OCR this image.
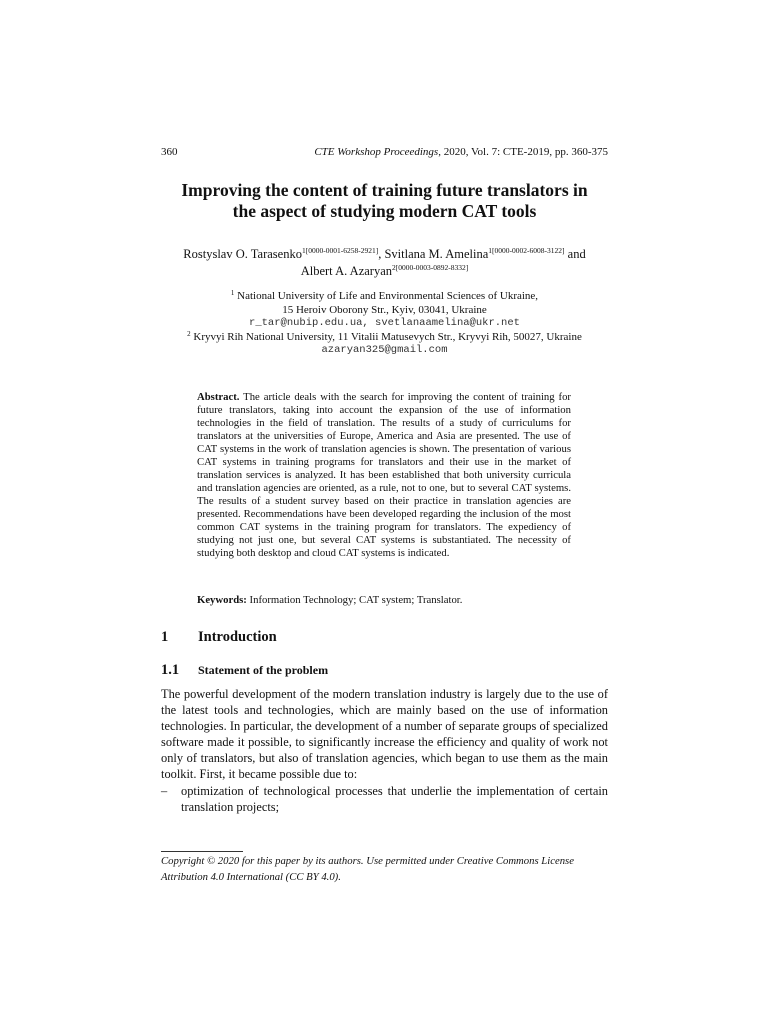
360	CTE Workshop Proceedings, 2020, Vol. 7: CTE-2019, pp. 360-375
Improving the content of training future translators in
the aspect of studying modern CAT tools
Rostyslav O. Tarasenko$^{1[0000-0001-6258-2921]}$, Svitlana M. Amelina$^{1[0000-0002-6008-3122]}$ and
Albert A. Azaryan$^{2[0000-0003-0892-8332]}$
$^1$ National University of Life and Environmental Sciences of Ukraine,
15 Heroiv Oborony Str., Kyiv, 03041, Ukraine
r_tar@nubip.edu.ua, svetlanaamelina@ukr.net
$^2$ Kryvyi Rih National University, 11 Vitalii Matusevych Str., Kryvyi Rih, 50027, Ukraine
azaryan325@gmail.com
Abstract. The article deals with the search for improving the content of training for future translators, taking into account the expansion of the use of information technologies in the field of translation. The results of a study of curriculums for translators at the universities of Europe, America and Asia are presented. The use of CAT systems in the work of translation agencies is shown. The presentation of various CAT systems in training programs for translators and their use in the market of translation services is analyzed. It has been established that both university curricula and translation agencies are oriented, as a rule, not to one, but to several CAT systems. The results of a student survey based on their practice in translation agencies are presented. Recommendations have been developed regarding the inclusion of the most common CAT systems in the training program for translators. The expediency of studying not just one, but several CAT systems is substantiated. The necessity of studying both desktop and cloud CAT systems is indicated.
Keywords: Information Technology; CAT system; Translator.
1 Introduction
1.1 Statement of the problem
The powerful development of the modern translation industry is largely due to the use of the latest tools and technologies, which are mainly based on the use of information technologies. In particular, the development of a number of separate groups of specialized software made it possible, to significantly increase the efficiency and quality of work not only of translators, but also of translation agencies, which began to use them as the main toolkit. First, it became possible due to:
– optimization of technological processes that underlie the implementation of certain translation projects;
Copyright © 2020 for this paper by its authors. Use permitted under Creative Commons License
Attribution 4.0 International (CC BY 4.0).
